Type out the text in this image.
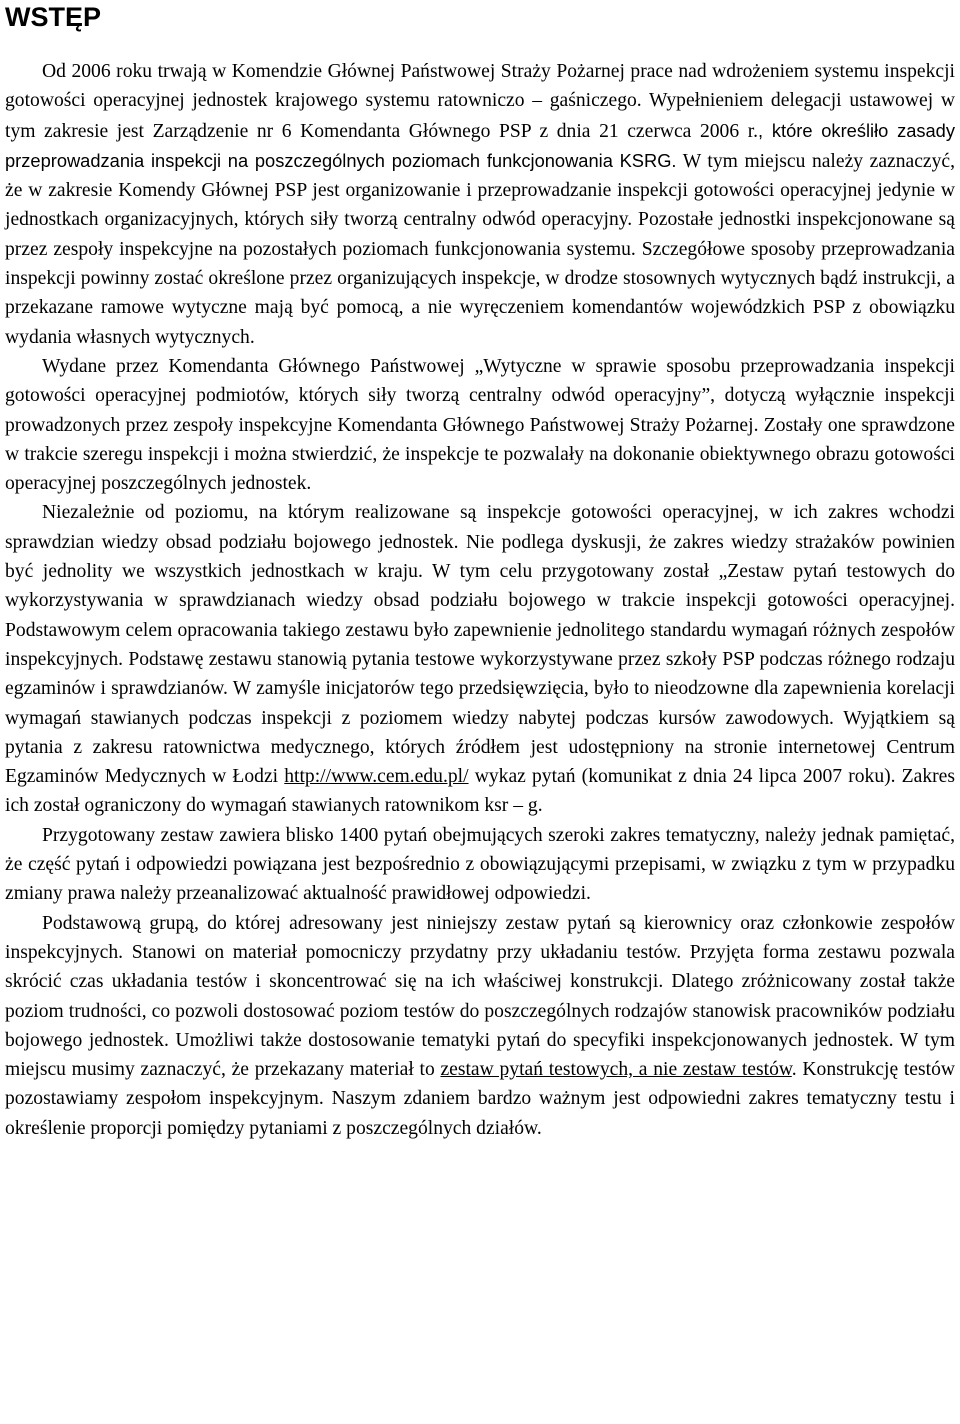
WSTĘP

Od 2006 roku trwają w Komendzie Głównej Państwowej Straży Pożarnej prace nad wdrożeniem systemu inspekcji gotowości operacyjnej jednostek krajowego systemu ratowniczo – gaśniczego. Wypełnieniem delegacji ustawowej w tym zakresie jest Zarządzenie nr 6 Komendanta Głównego PSP z dnia 21 czerwca 2006 r., które określiło zasady przeprowadzania inspekcji na poszczególnych poziomach funkcjonowania KSRG. W tym miejscu należy zaznaczyć, że w zakresie Komendy Głównej PSP jest organizowanie i przeprowadzanie inspekcji gotowości operacyjnej jedynie w jednostkach organizacyjnych, których siły tworzą centralny odwód operacyjny. Pozostałe jednostki inspekcjonowane są przez zespoły inspekcyjne na pozostałych poziomach funkcjonowania systemu. Szczegółowe sposoby przeprowadzania inspekcji powinny zostać określone przez organizujących inspekcje, w drodze stosownych wytycznych bądź instrukcji, a przekazane ramowe wytyczne mają być pomocą, a nie wyręczeniem komendantów wojewódzkich PSP z obowiązku wydania własnych wytycznych.

Wydane przez Komendanta Głównego Państwowej „Wytyczne w sprawie sposobu przeprowadzania inspekcji gotowości operacyjnej podmiotów, których siły tworzą centralny odwód operacyjny”, dotyczą wyłącznie inspekcji prowadzonych przez zespoły inspekcyjne Komendanta Głównego Państwowej Straży Pożarnej. Zostały one sprawdzone w trakcie szeregu inspekcji i można stwierdzić, że inspekcje te pozwalały na dokonanie obiektywnego obrazu gotowości operacyjnej poszczególnych jednostek.

Niezależnie od poziomu, na którym realizowane są inspekcje gotowości operacyjnej, w ich zakres wchodzi sprawdzian wiedzy obsad podziału bojowego jednostek. Nie podlega dyskusji, że zakres wiedzy strażaków powinien być jednolity we wszystkich jednostkach w kraju. W tym celu przygotowany został „Zestaw pytań testowych do wykorzystywania w sprawdzianach wiedzy obsad podziału bojowego w trakcie inspekcji gotowości operacyjnej. Podstawowym celem opracowania takiego zestawu było zapewnienie jednolitego standardu wymagań różnych zespołów inspekcyjnych. Podstawę zestawu stanowią pytania testowe wykorzystywane przez szkoły PSP podczas różnego rodzaju egzaminów i sprawdzianów. W zamyśle inicjatorów tego przedsięwzięcia, było to nieodzowne dla zapewnienia korelacji wymagań stawianych podczas inspekcji z poziomem wiedzy nabytej podczas kursów zawodowych. Wyjątkiem są pytania z zakresu ratownictwa medycznego, których źródłem jest udostępniony na stronie internetowej Centrum Egzaminów Medycznych w Łodzi http://www.cem.edu.pl/ wykaz pytań (komunikat z dnia 24 lipca 2007 roku). Zakres ich został ograniczony do wymagań stawianych ratownikom ksr – g.

Przygotowany zestaw zawiera blisko 1400 pytań obejmujących szeroki zakres tematyczny, należy jednak pamiętać, że część pytań i odpowiedzi powiązana jest bezpośrednio z obowiązującymi przepisami, w związku z tym w przypadku zmiany prawa należy przeanalizować aktualność prawidłowej odpowiedzi.

Podstawową grupą, do której adresowany jest niniejszy zestaw pytań są kierownicy oraz członkowie zespołów inspekcyjnych. Stanowi on materiał pomocniczy przydatny przy układaniu testów. Przyjęta forma zestawu pozwala skrócić czas układania testów i skoncentrować się na ich właściwej konstrukcji. Dlatego zróżnicowany został także poziom trudności, co pozwoli dostosować poziom testów do poszczególnych rodzajów stanowisk pracowników podziału bojowego jednostek. Umożliwi także dostosowanie tematyki pytań do specyfiki inspekcjonowanych jednostek. W tym miejscu musimy zaznaczyć, że przekazany materiał to zestaw pytań testowych, a nie zestaw testów. Konstrukcję testów pozostawiamy zespołom inspekcyjnym. Naszym zdaniem bardzo ważnym jest odpowiedni zakres tematyczny testu i określenie proporcji pomiędzy pytaniami z poszczególnych działów.
